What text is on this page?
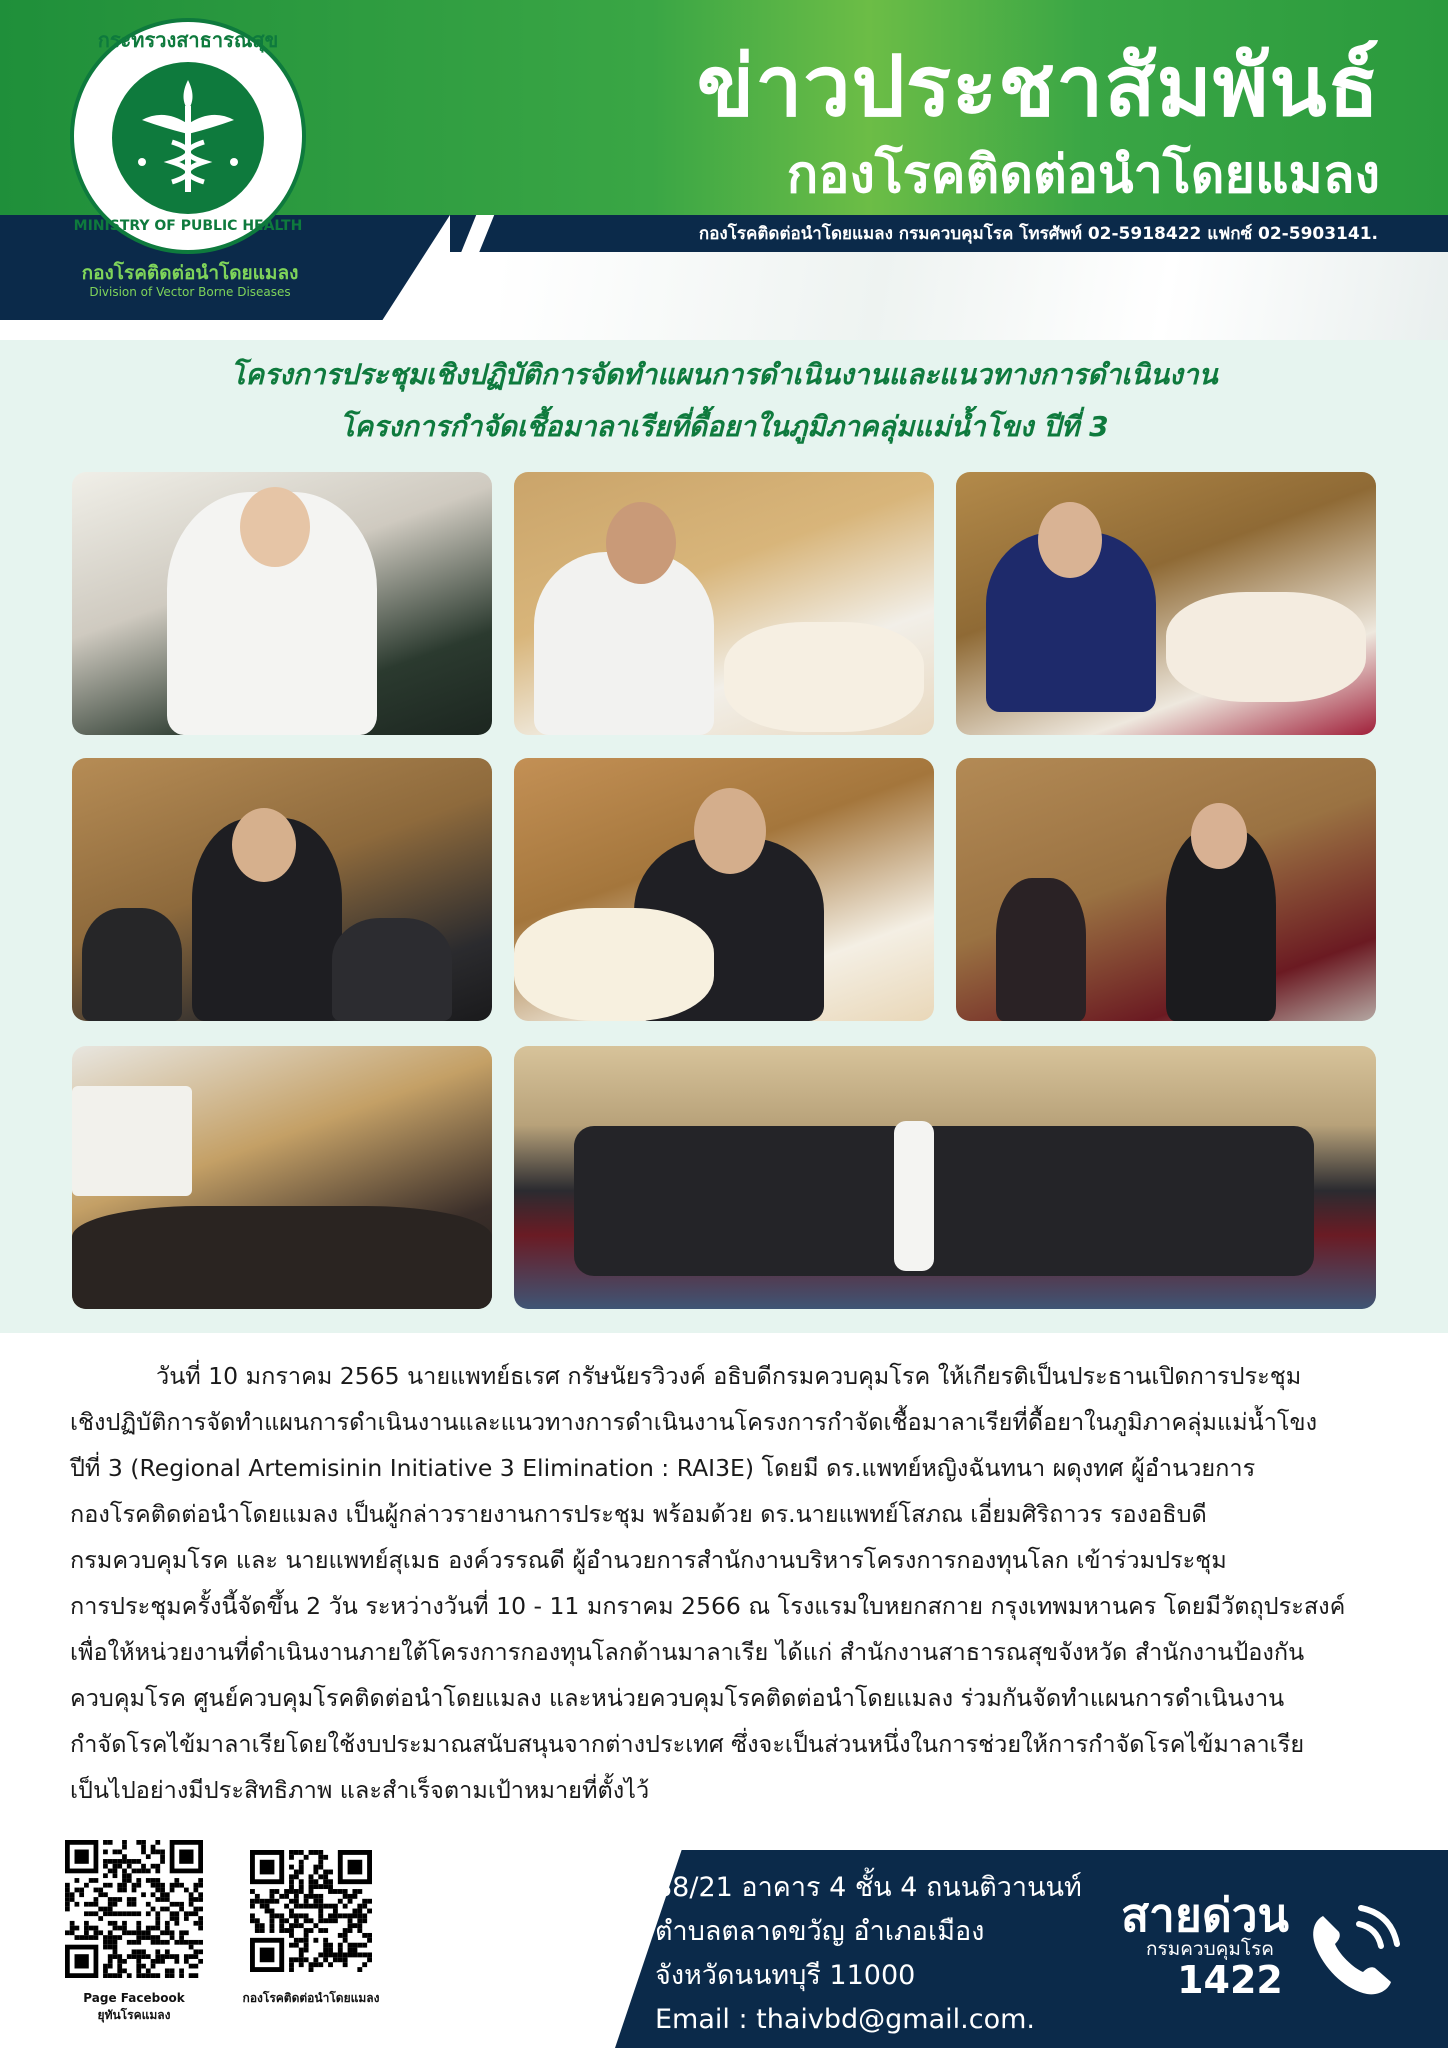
กระทรวงสาธารณสุข
MINISTRY OF PUBLIC HEALTH
กองโรคติดต่อนำโดยแมลง
Division of Vector Borne Diseases
ข่าวประชาสัมพันธ์
กองโรคติดต่อนำโดยแมลง
กองโรคติดต่อนำโดยแมลง กรมควบคุมโรค โทรศัพท์ 02-5918422 แฟกซ์ 02-5903141.
โครงการประชุมเชิงปฏิบัติการจัดทำแผนการดำเนินงานและแนวทางการดำเนินงาน
โครงการกำจัดเชื้อมาลาเรียที่ดื้อยาในภูมิภาคลุ่มแม่น้ำโขง ปีที่ 3

วันที่ 10 มกราคม 2565 นายแพทย์ธเรศ กรัษนัยรวิวงค์ อธิบดีกรมควบคุมโรค ให้เกียรติเป็นประธานเปิดการประชุม

เชิงปฏิบัติการจัดทำแผนการดำเนินงานและแนวทางการดำเนินงานโครงการกำจัดเชื้อมาลาเรียที่ดื้อยาในภูมิภาคลุ่มแม่น้ำโขง

ปีที่ 3 (Regional Artemisinin Initiative 3 Elimination : RAI3E) โดยมี ดร.แพทย์หญิงฉันทนา ผดุงทศ ผู้อำนวยการ

กองโรคติดต่อนำโดยแมลง เป็นผู้กล่าวรายงานการประชุม พร้อมด้วย ดร.นายแพทย์โสภณ เอี่ยมศิริถาวร รองอธิบดี

กรมควบคุมโรค และ นายแพทย์สุเมธ องค์วรรณดี ผู้อำนวยการสำนักงานบริหารโครงการกองทุนโลก เข้าร่วมประชุม

การประชุมครั้งนี้จัดขึ้น 2 วัน ระหว่างวันที่ 10 - 11 มกราคม 2566 ณ โรงแรมใบหยกสกาย กรุงเทพมหานคร โดยมีวัตถุประสงค์

เพื่อให้หน่วยงานที่ดำเนินงานภายใต้โครงการกองทุนโลกด้านมาลาเรีย ได้แก่ สำนักงานสาธารณสุขจังหวัด สำนักงานป้องกัน

ควบคุมโรค ศูนย์ควบคุมโรคติดต่อนำโดยแมลง และหน่วยควบคุมโรคติดต่อนำโดยแมลง ร่วมกันจัดทำแผนการดำเนินงาน

กำจัดโรคไข้มาลาเรียโดยใช้งบประมาณสนับสนุนจากต่างประเทศ ซึ่งจะเป็นส่วนหนึ่งในการช่วยให้การกำจัดโรคไข้มาลาเรีย

เป็นไปอย่างมีประสิทธิภาพ และสำเร็จตามเป้าหมายที่ตั้งไว้

Page Facebook
ยุทันโรคแมลง
กองโรคติดต่อนำโดยแมลง
88/21 อาคาร 4 ชั้น 4 ถนนติวานนท์
ตำบลตลาดขวัญ อำเภอเมือง
จังหวัดนนทบุรี 11000
Email : thaivbd@gmail.com.
สายด่วน
กรมควบคุมโรค
1422
